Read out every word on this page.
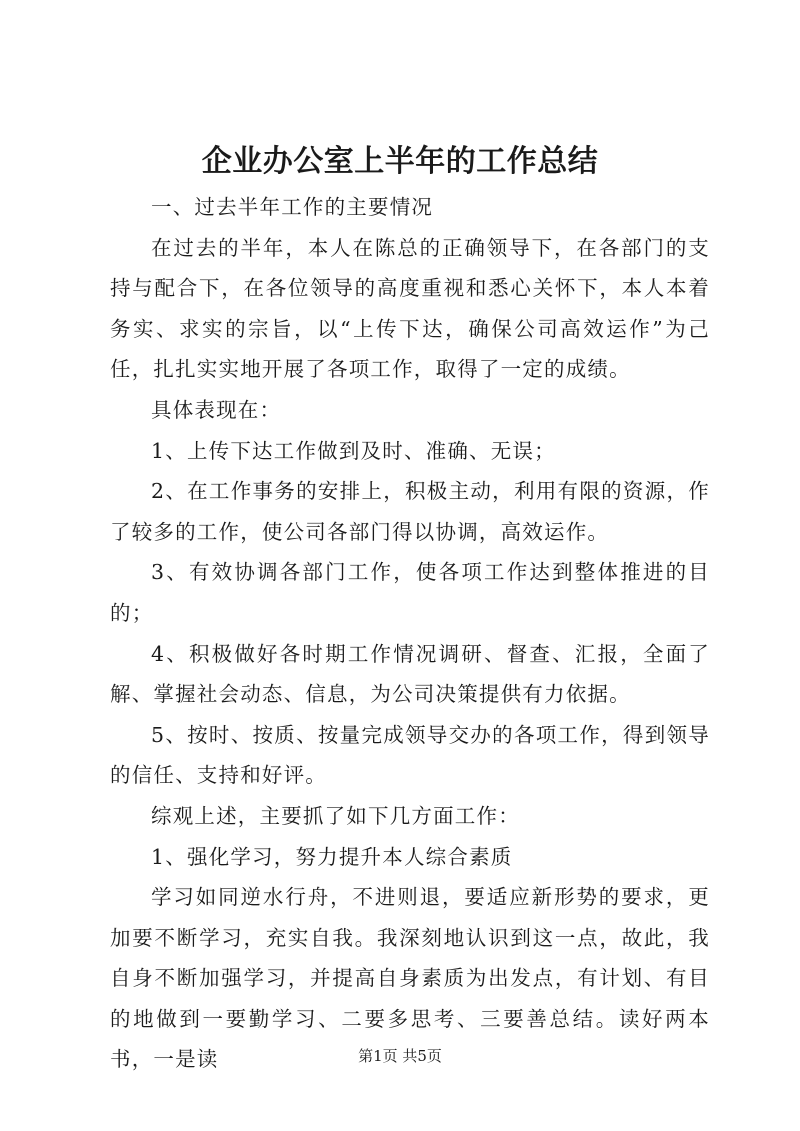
企业办公室上半年的工作总结

一、过去半年工作的主要情况

在过去的半年，本人在陈总的正确领导下，在各部门的支持与配合下，在各位领导的高度重视和悉心关怀下，本人本着务实、求实的宗旨，以“上传下达，确保公司高效运作”为己任，扎扎实实地开展了各项工作，取得了一定的成绩。

具体表现在：

1、上传下达工作做到及时、准确、无误；

2、在工作事务的安排上，积极主动，利用有限的资源，作了较多的工作，使公司各部门得以协调，高效运作。

3、有效协调各部门工作，使各项工作达到整体推进的目的；

4、积极做好各时期工作情况调研、督查、汇报，全面了解、掌握社会动态、信息，为公司决策提供有力依据。

5、按时、按质、按量完成领导交办的各项工作，得到领导的信任、支持和好评。

综观上述，主要抓了如下几方面工作：

1、强化学习，努力提升本人综合素质

学习如同逆水行舟，不进则退，要适应新形势的要求，更加要不断学习，充实自我。我深刻地认识到这一点，故此，我自身不断加强学习，并提高自身素质为出发点，有计划、有目的地做到一要勤学习、二要多思考、三要善总结。读好两本书，一是读	第1页 共5页
